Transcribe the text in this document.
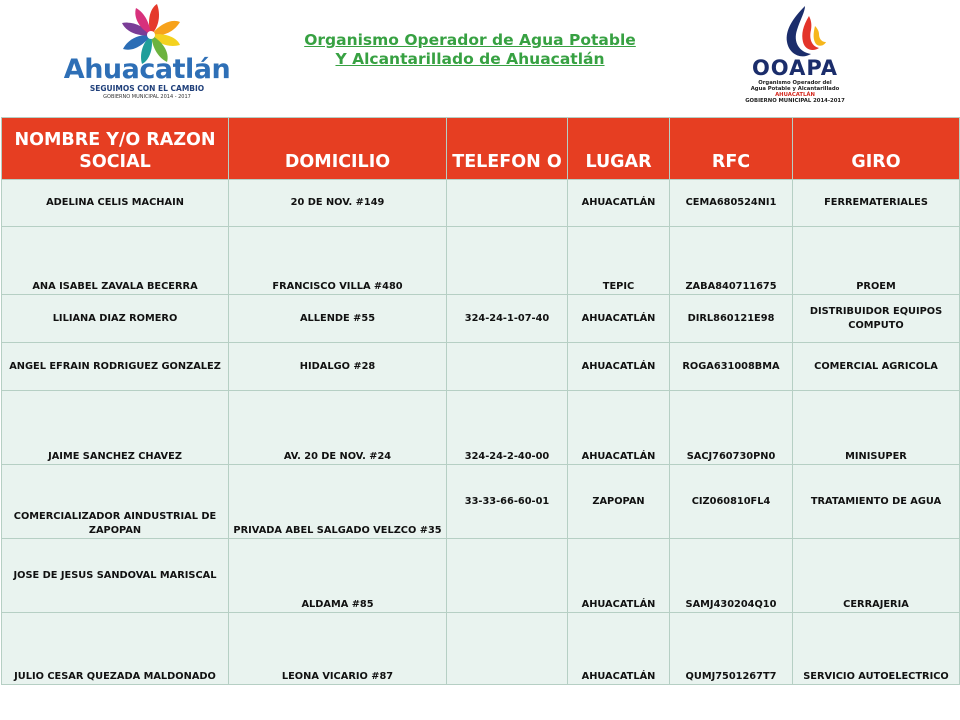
Ahuacatlán
SEGUIMOS CON EL CAMBIO
GOBIERNO MUNICIPAL 2014 - 2017
Organismo Operador de Agua Potable
Y Alcantarillado de Ahuacatlán	OOAPA
Organismo Operador del
Agua Potable y Alcantarillado
AHUACATLÁN
GOBIERNO MUNICIPAL 2014-2017
NOMBRE Y/O RAZON SOCIAL	DOMICILIO	TELEFON O	LUGAR	RFC	GIRO
ADELINA CELIS MACHAIN	20 DE NOV. #149		AHUACATLÁN	CEMA680524NI1	FERREMATERIALES
ANA ISABEL ZAVALA BECERRA	FRANCISCO VILLA #480		TEPIC	ZABA840711675	PROEM
LILIANA DIAZ ROMERO	ALLENDE #55	324-24-1-07-40	AHUACATLÁN	DIRL860121E98	DISTRIBUIDOR EQUIPOS COMPUTO
ANGEL EFRAIN RODRIGUEZ GONZALEZ	HIDALGO #28		AHUACATLÁN	ROGA631008BMA	COMERCIAL AGRICOLA
JAIME SANCHEZ CHAVEZ	AV. 20 DE NOV. #24	324-24-2-40-00	AHUACATLÁN	SACJ760730PN0	MINISUPER
COMERCIALIZADOR AINDUSTRIAL DE ZAPOPAN	PRIVADA ABEL SALGADO VELZCO #35	33-33-66-60-01	ZAPOPAN	CIZ060810FL4	TRATAMIENTO DE AGUA
JOSE DE JESUS SANDOVAL MARISCAL	ALDAMA #85		AHUACATLÁN	SAMJ430204Q10	CERRAJERIA
JULIO CESAR QUEZADA MALDONADO	LEONA VICARIO #87		AHUACATLÁN	QUMJ7501267T7	SERVICIO AUTOELECTRICO
